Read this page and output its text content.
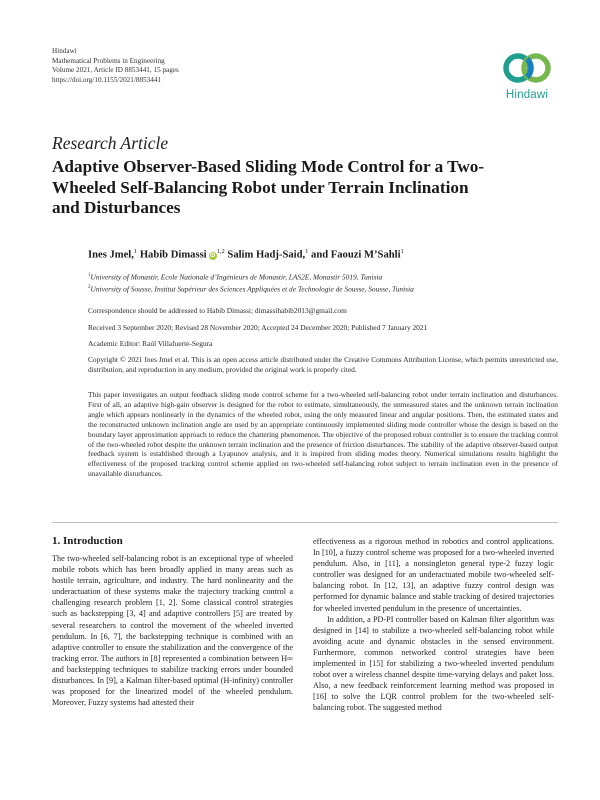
Hindawi
Mathematical Problems in Engineering
Volume 2021, Article ID 8853441, 15 pages
https://doi.org/10.1155/2021/8853441
Hindawi
Research Article
Adaptive Observer-Based Sliding Mode Control for a Two-Wheeled Self-Balancing Robot under Terrain Inclination and Disturbances
Ines Jmel,$^1$ Habib Dimassi iD$^{1,2}$ Salim Hadj-Said,$^1$ and Faouzi M’Sahli$^1$
$^1$University of Monastir, Ecole Nationale d’Ingénieurs de Monastir, LAS2E, Monastir 5019, Tunisia
$^2$University of Sousse, Institut Supérieur des Sciences Appliquées et de Technologie de Sousse, Sousse, Tunisia
Correspondence should be addressed to Habib Dimassi; dimassihabib2013@gmail.com
Received 3 September 2020; Revised 28 November 2020; Accepted 24 December 2020; Published 7 January 2021
Academic Editor: Raúl Villafuerte-Segura
Copyright © 2021 Ines Jmel et al. This is an open access article distributed under the Creative Commons Attribution License, which permits unrestricted use, distribution, and reproduction in any medium, provided the original work is properly cited.
This paper investigates an output feedback sliding mode control scheme for a two-wheeled self-balancing robot under terrain inclination and disturbances. First of all, an adaptive high-gain observer is designed for the robot to estimate, simultaneously, the unmeasured states and the unknown terrain inclination angle which appears nonlinearly in the dynamics of the wheeled robot, using the only measured linear and angular positions. Then, the estimated states and the reconstructed unknown inclination angle are used by an appropriate continuously implemented sliding mode controller whose the design is based on the boundary layer approximation approach to reduce the chattering phenomenon. The objective of the proposed robust controller is to ensure the tracking control of the two-wheeled robot despite the unknown terrain inclination and the presence of friction disturbances. The stability of the adaptive observer-based output feedback system is established through a Lyapunov analysis, and it is inspired from sliding modes theory. Numerical simulations results highlight the effectiveness of the proposed tracking control scheme applied on two-wheeled self-balancing robot subject to terrain inclination even in the presence of unavailable disturbances.
1. Introduction

The two-wheeled self-balancing robot is an exceptional type of wheeled mobile robots which has been broadly applied in many areas such as hostile terrain, agriculture, and industry. The hard nonlinearity and the underactuation of these systems make the trajectory tracking control a challenging research problem [1, 2]. Some classical control strategies such as backstepping [3, 4] and adaptive controllers [5] are treated by several researchers to control the movement of the wheeled inverted pendulum. In [6, 7], the backstepping technique is combined with an adaptive controller to ensure the stabilization and the convergence of the tracking error. The authors in [8] represented a combination between H∞ and backstepping techniques to stabilize tracking errors under bounded disturbances. In [9], a Kalman filter-based optimal (H-infinity) controller was proposed for the linearized model of the wheeled pendulum. Moreover, Fuzzy systems had attested their

effectiveness as a rigorous method in robotics and control applications. In [10], a fuzzy control scheme was proposed for a two-wheeled inverted pendulum. Also, in [11], a nonsingleton general type-2 fuzzy logic controller was designed for an underactuated mobile two-wheeled self-balancing robot. In [12, 13], an adaptive fuzzy control design was performed for dynamic balance and stable tracking of desired trajectories for wheeled inverted pendulum in the presence of uncertainties.

In addition, a PD-PI controller based on Kalman filter algorithm was designed in [14] to stabilize a two-wheeled self-balancing robot while avoiding acute and dynamic obstacles in the sensed environment. Furthermore, common networked control strategies have been implemented in [15] for stabilizing a two-wheeled inverted pendulum robot over a wireless channel despite time-varying delays and paket loss. Also, a new feedback reinforcement learning method was proposed in [16] to solve the LQR control problem for the two-wheeled self-balancing robot. The suggested method
